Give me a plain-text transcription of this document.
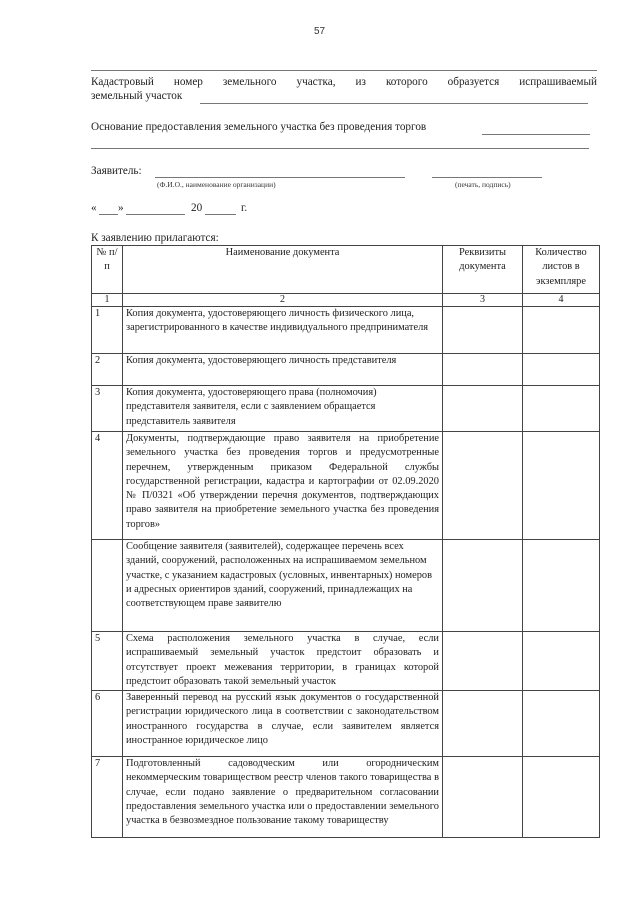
57
Кадастровый номер земельного участка, из которого образуется испрашиваемый
земельный участок
Основание предоставления земельного участка без проведения торгов
Заявитель:
(Ф.И.О., наименование организации)	(печать, подпись)
« »	20	г.
К заявлению прилагаются:
№ п/п	Наименование документа	Реквизиты документа	Количество листов в экземпляре
1	2	3	4
1	Копия документа, удостоверяющего личность физического лица, зарегистрированного в качестве индивидуального предпринимателя		
2	Копия документа, удостоверяющего личность представителя		
3	Копия документа, удостоверяющего права (полномочия) представителя заявителя, если с заявлением обращается представитель заявителя		
4	Документы, подтверждающие право заявителя на приобретение земельного участка без проведения торгов и предусмотренные перечнем, утвержденным приказом Федеральной службы государственной регистрации, кадастра и картографии от 02.09.2020 № П/0321 «Об утверждении перечня документов, подтверждающих право заявителя на приобретение земельного участка без проведения торгов»		
	Сообщение заявителя (заявителей), содержащее перечень всех зданий, сооружений, расположенных на испрашиваемом земельном участке, с указанием кадастровых (условных, инвентарных) номеров и адресных ориентиров зданий, сооружений, принадлежащих на соответствующем праве заявителю		
5	Схема расположения земельного участка в случае, если испрашиваемый земельный участок предстоит образовать и отсутствует проект межевания территории, в границах которой предстоит образовать такой земельный участок		
6	Заверенный перевод на русский язык документов о государственной регистрации юридического лица в соответствии с законодательством иностранного государства в случае, если заявителем является иностранное юридическое лицо		
7	Подготовленный садоводческим или огородническим некоммерческим товариществом реестр членов такого товарищества в случае, если подано заявление о предварительном согласовании предоставления земельного участка или о предоставлении земельного участка в безвозмездное пользование такому товариществу		
